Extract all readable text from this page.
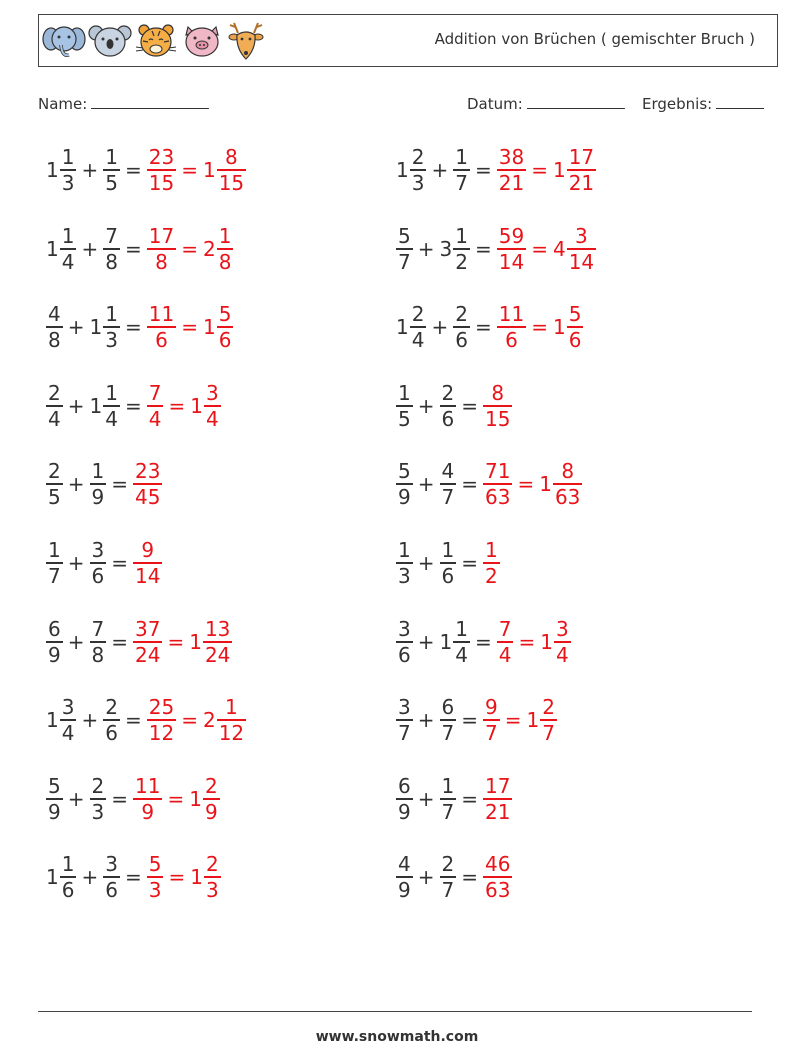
Addition von Brüchen ( gemischter Bruch )
Name:	Datum:	Ergebnis:
$1 \frac{1}{3} + \frac{1}{5} = \frac{23}{15} = 1 \frac{8}{15}$
$1 \frac{1}{4} + \frac{7}{8} = \frac{17}{8} = 2 \frac{1}{8}$
$\frac{4}{8} + 1 \frac{1}{3} = \frac{11}{6} = 1 \frac{5}{6}$
$\frac{2}{4} + 1 \frac{1}{4} = \frac{7}{4} = 1 \frac{3}{4}$
$\frac{2}{5} + \frac{1}{9} = \frac{23}{45}$
$\frac{1}{7} + \frac{3}{6} = \frac{9}{14}$
$\frac{6}{9} + \frac{7}{8} = \frac{37}{24} = 1 \frac{13}{24}$
$1 \frac{3}{4} + \frac{2}{6} = \frac{25}{12} = 2 \frac{1}{12}$
$\frac{5}{9} + \frac{2}{3} = \frac{11}{9} = 1 \frac{2}{9}$
$1 \frac{1}{6} + \frac{3}{6} = \frac{5}{3} = 1 \frac{2}{3}$
$1 \frac{2}{3} + \frac{1}{7} = \frac{38}{21} = 1 \frac{17}{21}$
$\frac{5}{7} + 3 \frac{1}{2} = \frac{59}{14} = 4 \frac{3}{14}$
$1 \frac{2}{4} + \frac{2}{6} = \frac{11}{6} = 1 \frac{5}{6}$
$\frac{1}{5} + \frac{2}{6} = \frac{8}{15}$
$\frac{5}{9} + \frac{4}{7} = \frac{71}{63} = 1 \frac{8}{63}$
$\frac{1}{3} + \frac{1}{6} = \frac{1}{2}$
$\frac{3}{6} + 1 \frac{1}{4} = \frac{7}{4} = 1 \frac{3}{4}$
$\frac{3}{7} + \frac{6}{7} = \frac{9}{7} = 1 \frac{2}{7}$
$\frac{6}{9} + \frac{1}{7} = \frac{17}{21}$
$\frac{4}{9} + \frac{2}{7} = \frac{46}{63}$
www.snowmath.com
